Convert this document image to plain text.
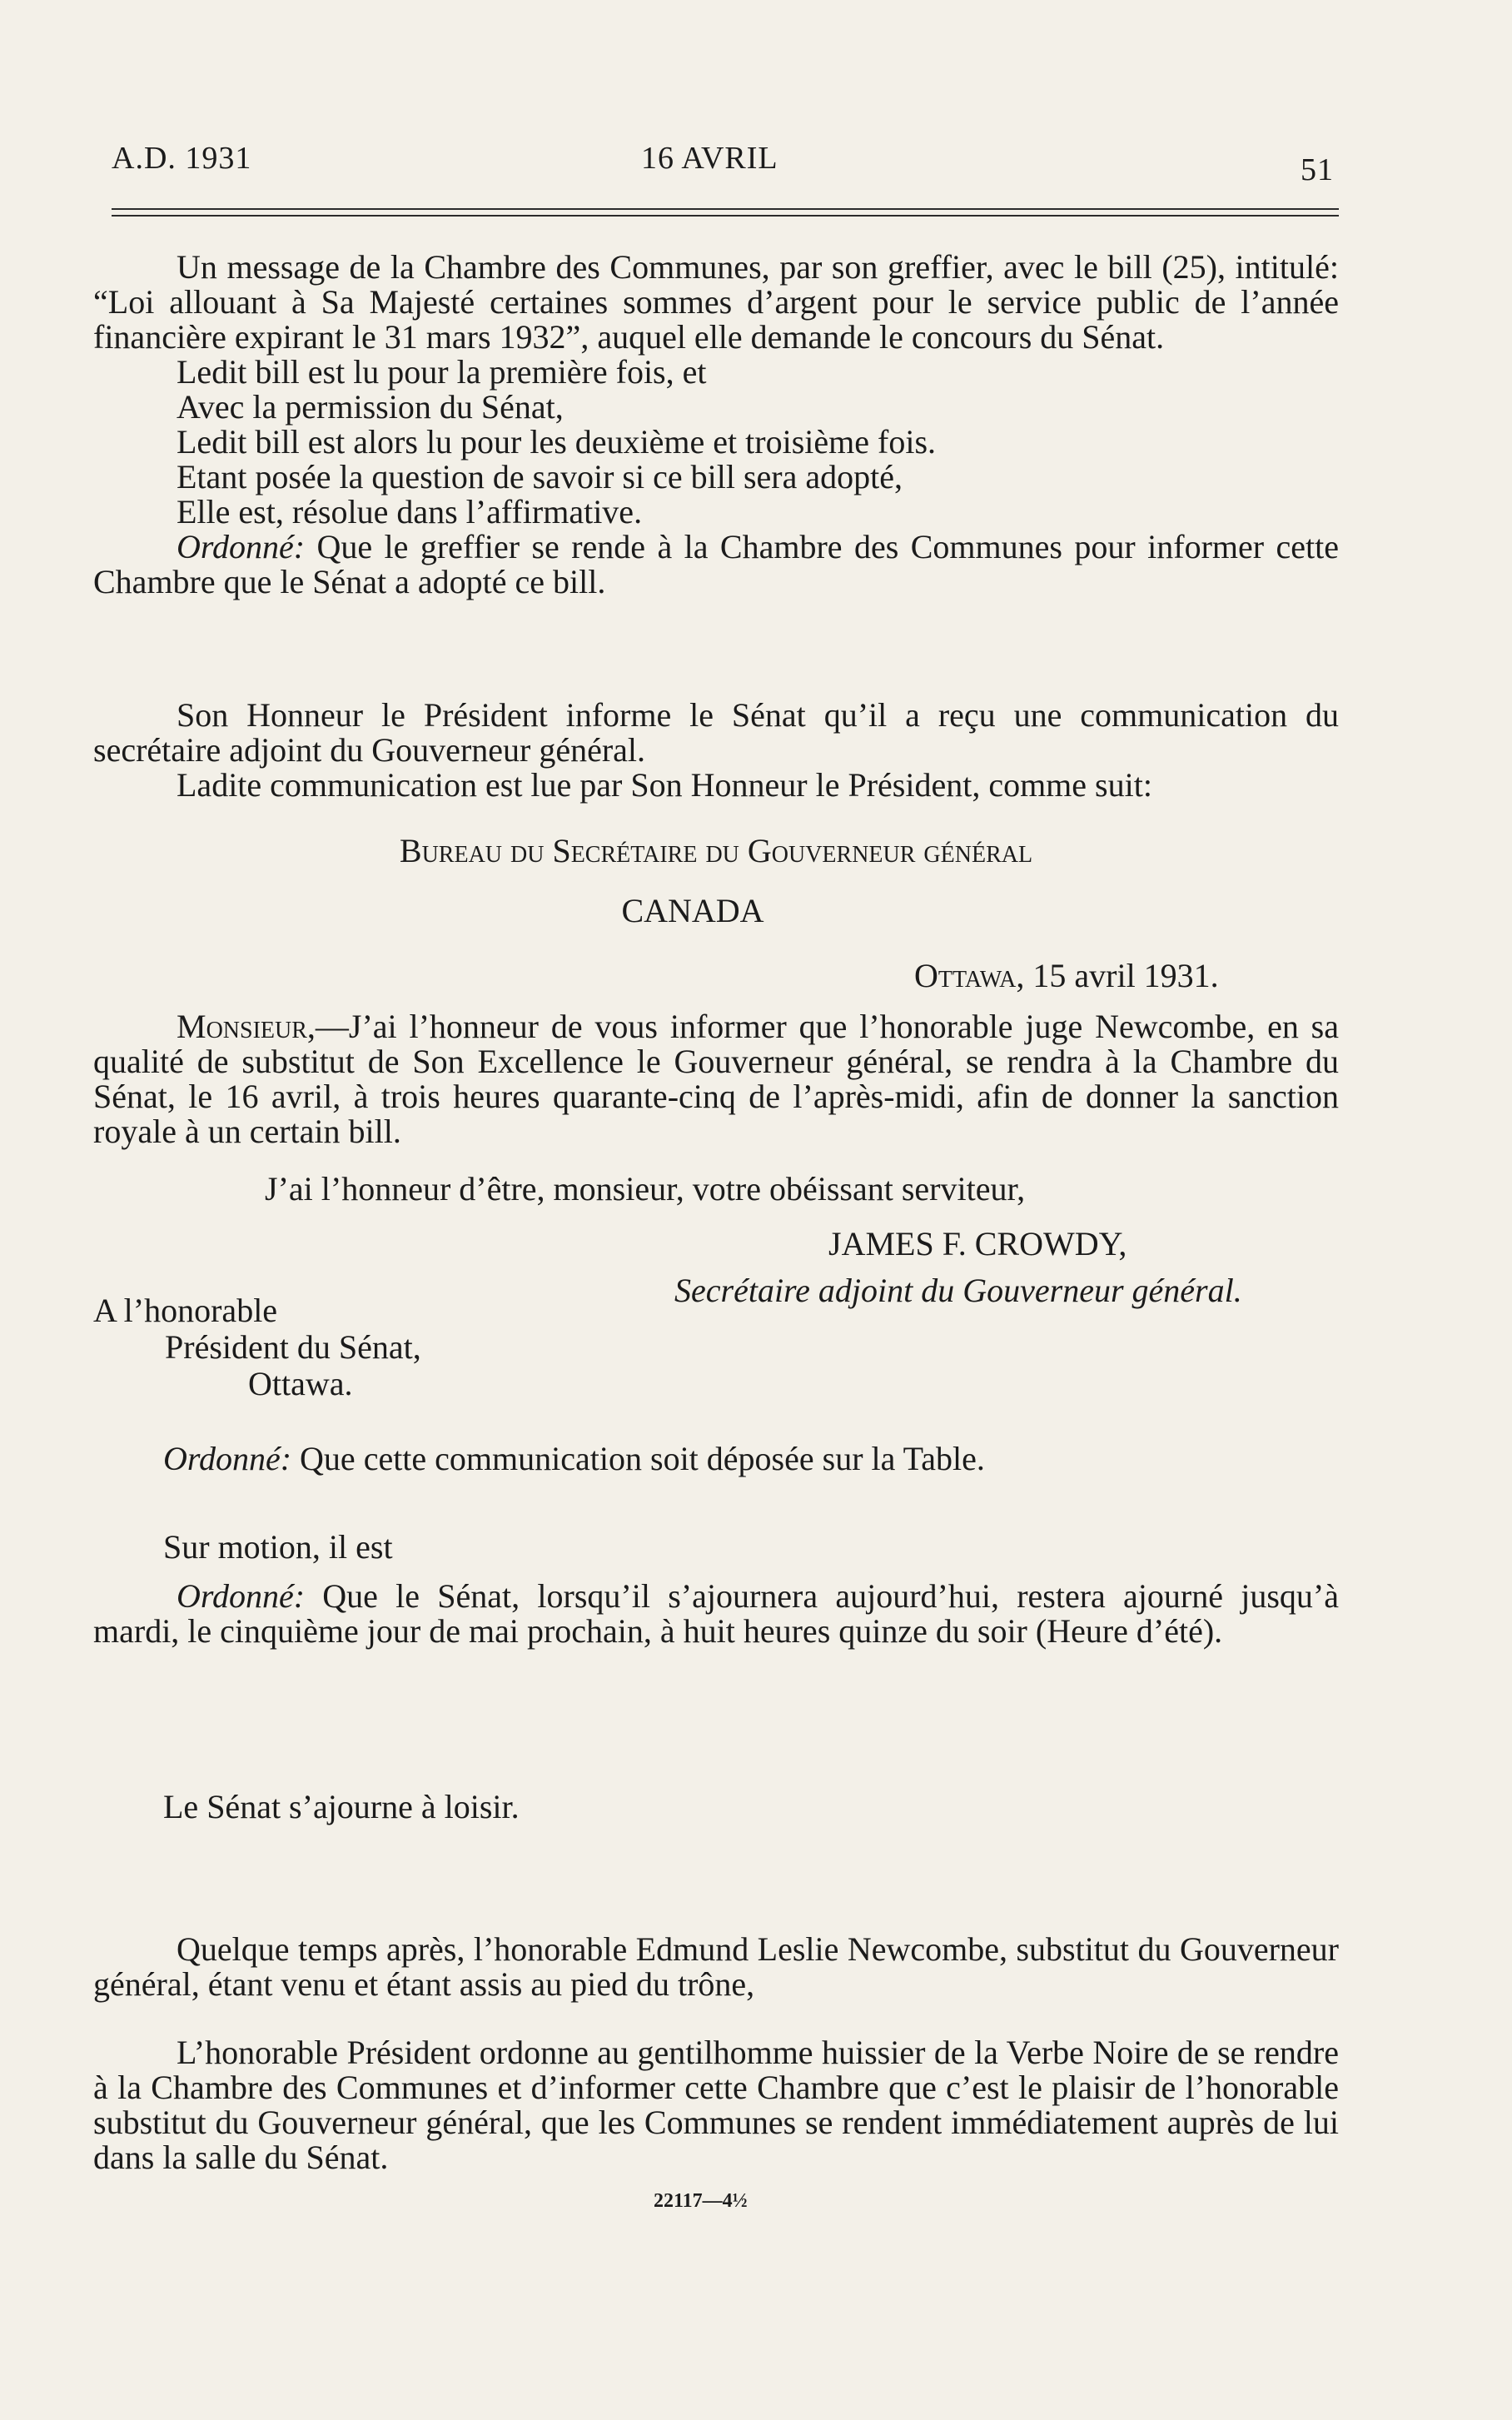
A.D. 1931	16 AVRIL	51

Un message de la Chambre des Communes, par son greffier, avec le bill (25), intitulé: “Loi allouant à Sa Majesté certaines sommes d’argent pour le service public de l’année financière expirant le 31 mars 1932”, auquel elle demande le concours du Sénat.

Ledit bill est lu pour la première fois, et

Avec la permission du Sénat,

Ledit bill est alors lu pour les deuxième et troisième fois.

Etant posée la question de savoir si ce bill sera adopté,

Elle est, résolue dans l’affirmative.

Ordonné: Que le greffier se rende à la Chambre des Communes pour informer cette Chambre que le Sénat a adopté ce bill.

Son Honneur le Président informe le Sénat qu’il a reçu une communication du secrétaire adjoint du Gouverneur général.

Ladite communication est lue par Son Honneur le Président, comme suit:

Bureau du Secrétaire du Gouverneur général
CANADA
Ottawa, 15 avril 1931.

Monsieur,—J’ai l’honneur de vous informer que l’honorable juge Newcombe, en sa qualité de substitut de Son Excellence le Gouverneur général, se rendra à la Chambre du Sénat, le 16 avril, à trois heures quarante-cinq de l’après-midi, afin de donner la sanction royale à un certain bill.

J’ai l’honneur d’être, monsieur, votre obéissant serviteur,
JAMES F. CROWDY,
Secrétaire adjoint du Gouverneur général.
A l’honorable
Président du Sénat,
Ottawa.
Ordonné: Que cette communication soit déposée sur la Table.
Sur motion, il est

Ordonné: Que le Sénat, lorsqu’il s’ajournera aujourd’hui, restera ajourné jusqu’à mardi, le cinquième jour de mai prochain, à huit heures quinze du soir (Heure d’été).

Le Sénat s’ajourne à loisir.

Quelque temps après, l’honorable Edmund Leslie Newcombe, substitut du Gouverneur général, étant venu et étant assis au pied du trône,

L’honorable Président ordonne au gentilhomme huissier de la Verbe Noire de se rendre à la Chambre des Communes et d’informer cette Chambre que c’est le plaisir de l’honorable substitut du Gouverneur général, que les Communes se rendent immédiatement auprès de lui dans la salle du Sénat.

22117—4½
